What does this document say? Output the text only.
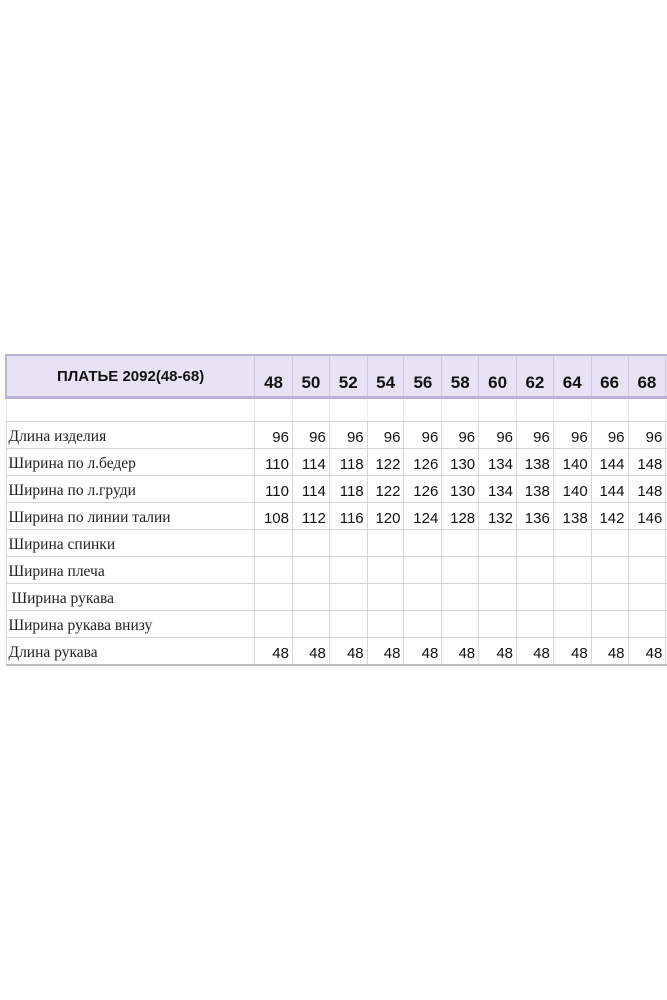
ПЛАТЬЕ 2092(48-68)	48	50	52	54	56	58	60	62	64	66	68	

Длина изделия	96	96	96	96	96	96	96	96	96	96	96	
Ширина по л.бедер	110	114	118	122	126	130	134	138	140	144	148	
Ширина по л.груди	110	114	118	122	126	130	134	138	140	144	148	
Ширина по линии талии	108	112	116	120	124	128	132	136	138	142	146	
Ширина спинки												
Ширина плеча												
Ширина рукава												
Ширина рукава внизу												
Длина рукава	48	48	48	48	48	48	48	48	48	48	48	
